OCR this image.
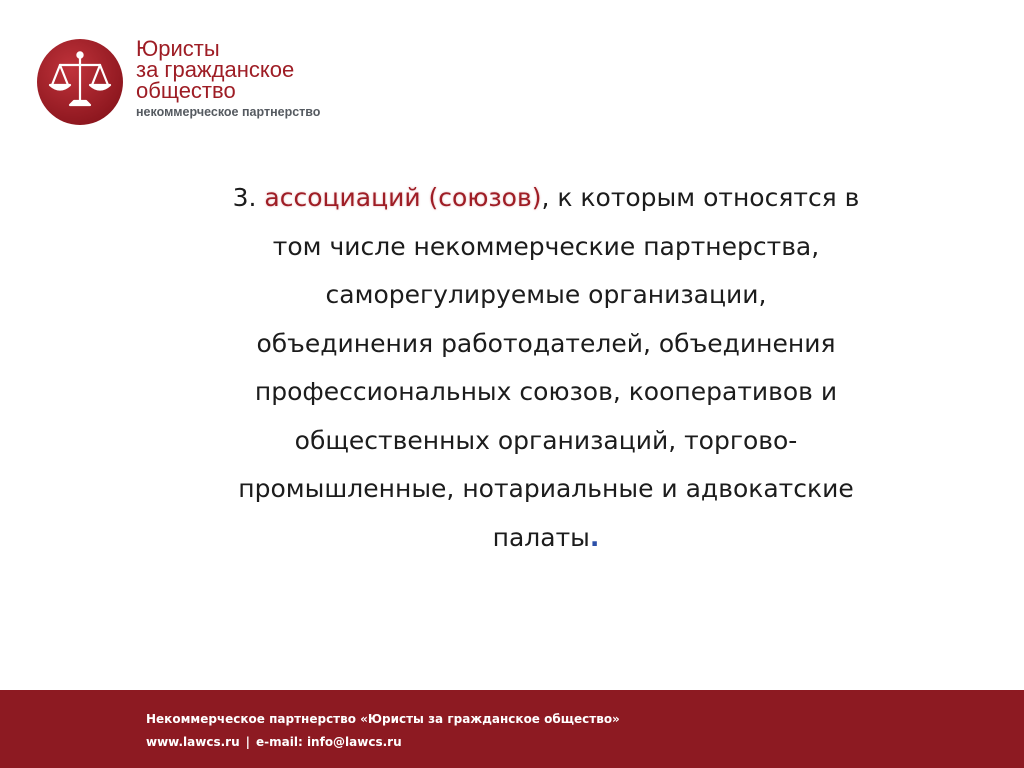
Юристы
за гражданское
общество
некоммерческое партнерство
3. ассоциаций (союзов), к которым относятся в
том числе некоммерческие партнерства,
саморегулируемые организации,
объединения работодателей, объединения
профессиональных союзов, кооперативов и
общественных организаций, торгово-
промышленные, нотариальные и адвокатские
палаты.
Некоммерческое партнерство «Юристы за гражданское общество»
www.lawcs.ru | e-mail: info@lawcs.ru
